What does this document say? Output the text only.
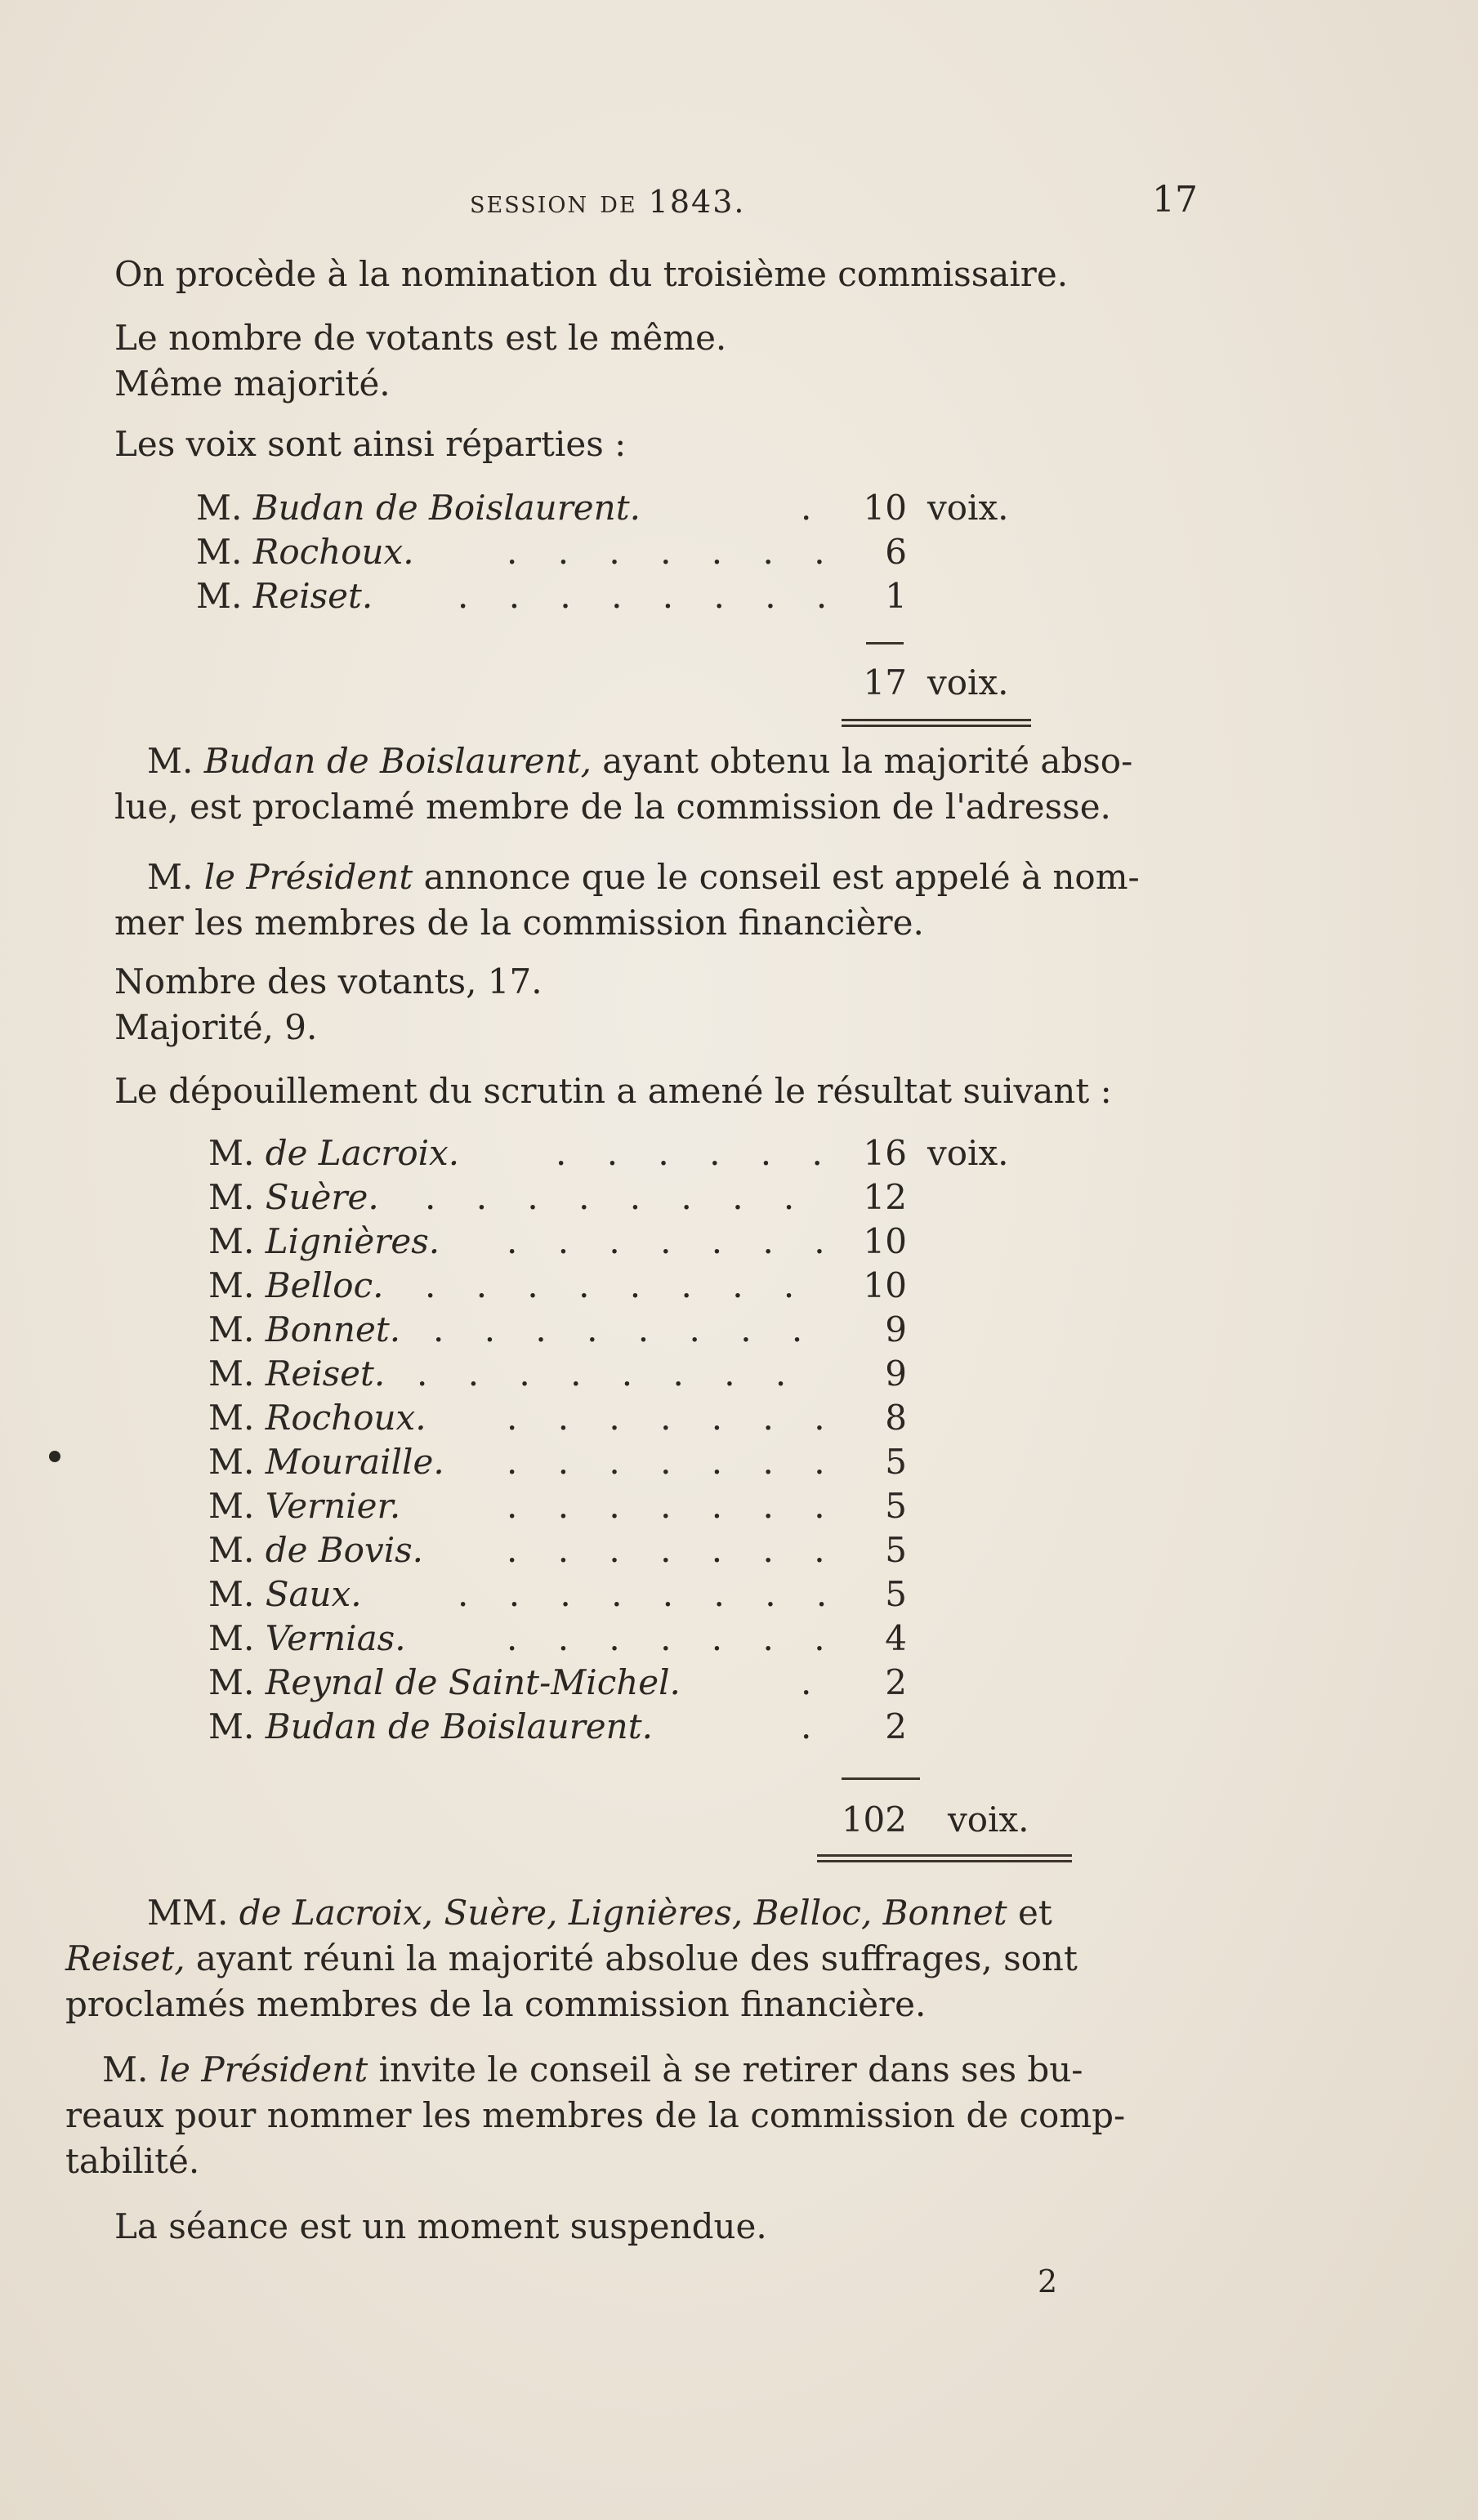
session de 1843.	17
On procède à la nomination du troisième commissaire.
Le nombre de votants est le même.
Même majorité.
Les voix sont ainsi réparties :
M. Budan de Boislaurent.	.	10 voix.
M. Rochoux.	. . . . . . .	6
M. Reiset. . . . . . . . .	1
17 voix.
M. Budan de Boislaurent, ayant obtenu la majorité abso-
lue, est proclamé membre de la commission de l'adresse.
M. le Président annonce que le conseil est appelé à nom-
mer les membres de la commission financière.
Nombre des votants, 17.
Majorité, 9.
Le dépouillement du scrutin a amené le résultat suivant :
M. de Lacroix.	. . . . . . 16 voix.
M. Suère. . . . . . . . .	12
M. Lignières. . . . . . . . 10
M. Belloc. . . . . . . . .	10
M. Bonnet. . . . . . . . .	9
M. Reiset. . . . . . . . .	9
M. Rochoux. . . . . . . .	8
M. Mouraille. . . . . . . .	5
M. Vernier.	. . . . . . .	5
M. de Bovis. . . . . . . .	5
M. Saux.	. . . . . . . .	5
M. Vernias.	. . . . . . .	4
M. Reynal de Saint-Michel.	.	2
M. Budan de Boislaurent.	.	2
102 voix.
MM. de Lacroix, Suère, Lignières, Belloc, Bonnet et
Reiset, ayant réuni la majorité absolue des suffrages, sont
proclamés membres de la commission financière.
M. le Président invite le conseil à se retirer dans ses bu-
reaux pour nommer les membres de la commission de comp-
tabilité.
La séance est un moment suspendue.
2
